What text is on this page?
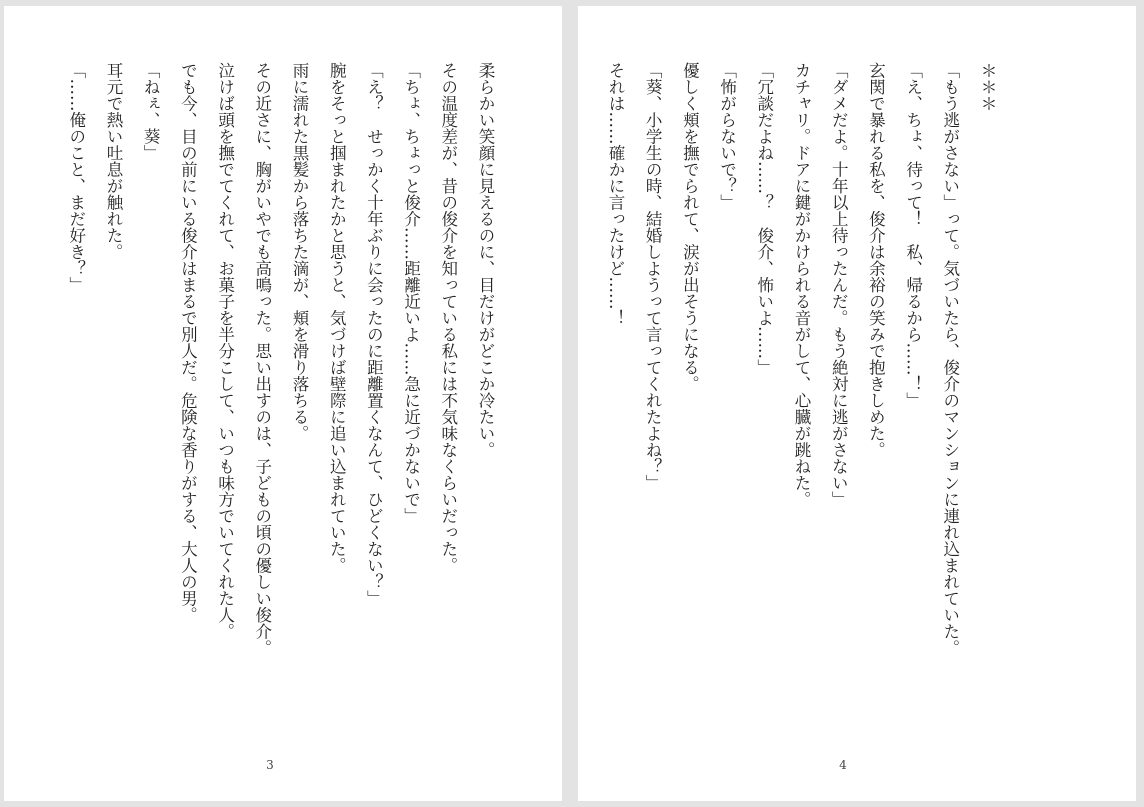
柔らかい笑顔に見えるのに、目だけがどこか冷たい。
その温度差が、昔の俊介を知っている私には不気味なくらいだった。
「ちょ、ちょっと俊介……距離近いよ……急に近づかないで」
「え？　せっかく十年ぶりに会ったのに距離置くなんて、ひどくない？」
腕をそっと掴まれたかと思うと、気づけば壁際に追い込まれていた。
雨に濡れた黒髪から落ちた滴が、頬を滑り落ちる。
その近さに、胸がいやでも高鳴った。思い出すのは、子どもの頃の優しい俊介。
泣けば頭を撫でてくれて、お菓子を半分こして、いつも味方でいてくれた人。
でも今、目の前にいる俊介はまるで別人だ。危険な香りがする、大人の男。
「ねぇ、葵」
耳元で熱い吐息が触れた。
「……俺のこと、まだ好き？」
3
＊＊＊
「もう逃がさない」って。気づいたら、俊介のマンションに連れ込まれていた。
「え、ちょ、待って！　私、帰るから……！」
玄関で暴れる私を、俊介は余裕の笑みで抱きしめた。
「ダメだよ。十年以上待ったんだ。もう絶対に逃がさない」
カチャリ。ドアに鍵がかけられる音がして、心臓が跳ねた。
「冗談だよね……？　俊介、怖いよ……」
「怖がらないで？」
優しく頬を撫でられて、涙が出そうになる。
「葵、小学生の時、結婚しようって言ってくれたよね？」
それは……確かに言ったけど……！
4
